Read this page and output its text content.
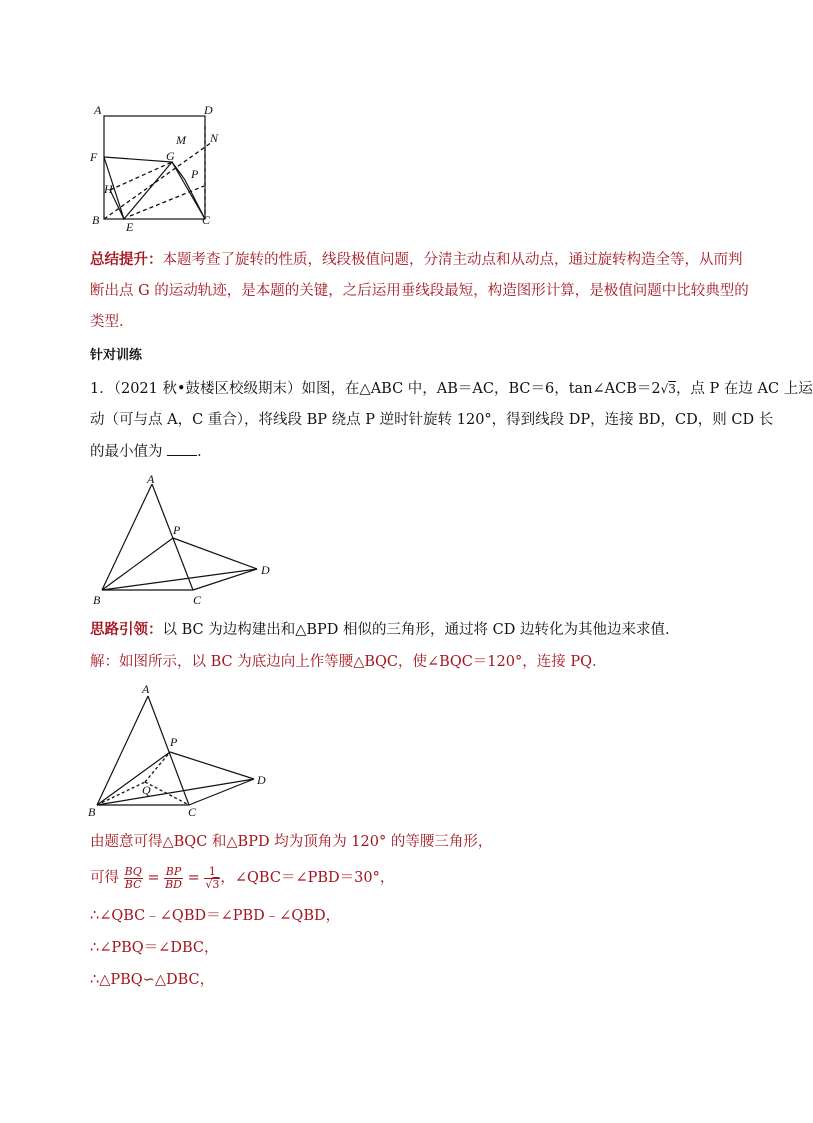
A	D
M N
F	G
P
H
B E	C
总结提升：本题考查了旋转的性质，线段极值问题，分清主动点和从动点，通过旋转构造全等，从而判
断出点 G 的运动轨迹，是本题的关键，之后运用垂线段最短，构造图形计算，是极值问题中比较典型的
类型．
针对训练
1．（2021 秋•鼓楼区校级期末）如图，在△ABC 中，AB＝AC，BC＝6，tan∠ACB＝2√3，点 P 在边 AC 上运
动（可与点 A，C 重合），将线段 BP 绕点 P 逆时针旋转 120°，得到线段 DP，连接 BD，CD，则 CD 长
的最小值为 ．
A
P
D
B	C
思路引领：以 BC 为边构建出和△BPD 相似的三角形，通过将 CD 边转化为其他边来求值．
解：如图所示，以 BC 为底边向上作等腰△BQC，使∠BQC＝120°，连接 PQ．
A
P
D
Q
B	C
由题意可得△BQC 和△BPD 均为顶角为 120° 的等腰三角形，
可得 $\frac{BQ}{BC} = \frac{BP}{BD} = \frac{1}{√3}$ ，∠QBC＝∠PBD＝30°，
∴∠QBC﹣∠QBD＝∠PBD﹣∠QBD，
∴∠PBQ＝∠DBC，
∴△PBQ∽△DBC，
